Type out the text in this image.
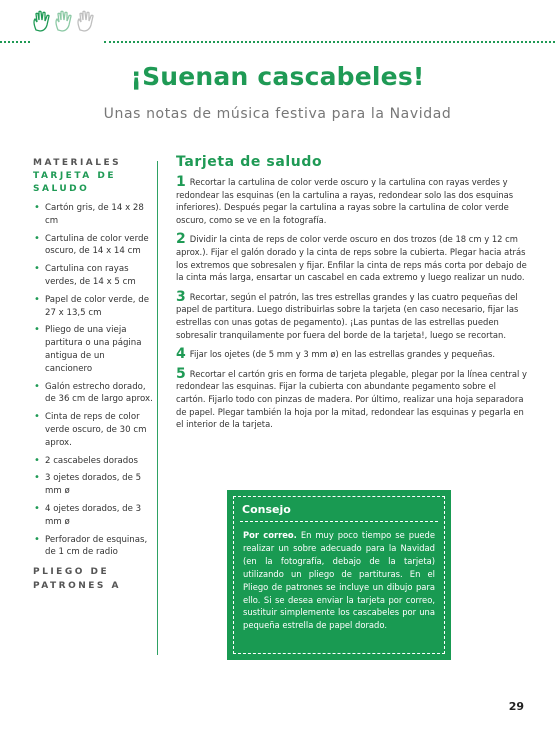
¡Suenan cascabeles!
Unas notas de música festiva para la Navidad
MATERIALES
TARJETA DE
SALUDO
• Cartón gris, de 14 x 28 cm
• Cartulina de color verde oscuro, de 14 x 14 cm
• Cartulina con rayas verdes, de 14 x 5 cm
• Papel de color verde, de 27 x 13,5 cm
• Pliego de una vieja partitura o una página antigua de un cancionero
• Galón estrecho dorado, de 36 cm de largo aprox.
• Cinta de reps de color verde oscuro, de 30 cm aprox.
• 2 cascabeles dorados
• 3 ojetes dorados, de 5 mm ø
• 4 ojetes dorados, de 3 mm ø
• Perforador de esquinas, de 1 cm de radio
PLIEGO DE
PATRONES A
Tarjeta de saludo

1 Recortar la cartulina de color verde oscuro y la cartulina con rayas verdes y redondear las esquinas (en la cartulina a rayas, redondear solo las dos esquinas inferiores). Después pegar la cartulina a rayas sobre la cartulina de color verde oscuro, como se ve en la fotografía.

2 Dividir la cinta de reps de color verde oscuro en dos trozos (de 18 cm y 12 cm aprox.). Fijar el galón dorado y la cinta de reps sobre la cubierta. Plegar hacia atrás los extremos que sobresalen y fijar. Enfilar la cinta de reps más corta por debajo de la cinta más larga, ensartar un cascabel en cada extremo y luego realizar un nudo.

3 Recortar, según el patrón, las tres estrellas grandes y las cuatro pequeñas del papel de partitura. Luego distribuirlas sobre la tarjeta (en caso necesario, fijar las estrellas con unas gotas de pegamento). ¡Las puntas de las estrellas pueden sobresalir tranquilamente por fuera del borde de la tarjeta!, luego se recortan.

4 Fijar los ojetes (de 5 mm y 3 mm ø) en las estrellas grandes y pequeñas.

5 Recortar el cartón gris en forma de tarjeta plegable, plegar por la línea central y redondear las esquinas. Fijar la cubierta con abundante pegamento sobre el cartón. Fijarlo todo con pinzas de madera. Por último, realizar una hoja separadora de papel. Plegar también la hoja por la mitad, redondear las esquinas y pegarla en el interior de la tarjeta.

Consejo
Por correo. En muy poco tiempo se puede realizar un sobre adecuado para la Navidad (en la fotografía, debajo de la tarjeta) utilizando un pliego de partituras. En el Pliego de patrones se incluye un dibujo para ello. Si se desea enviar la tarjeta por correo, sustituir simplemente los cascabeles por una pequeña estrella de papel dorado.
29
